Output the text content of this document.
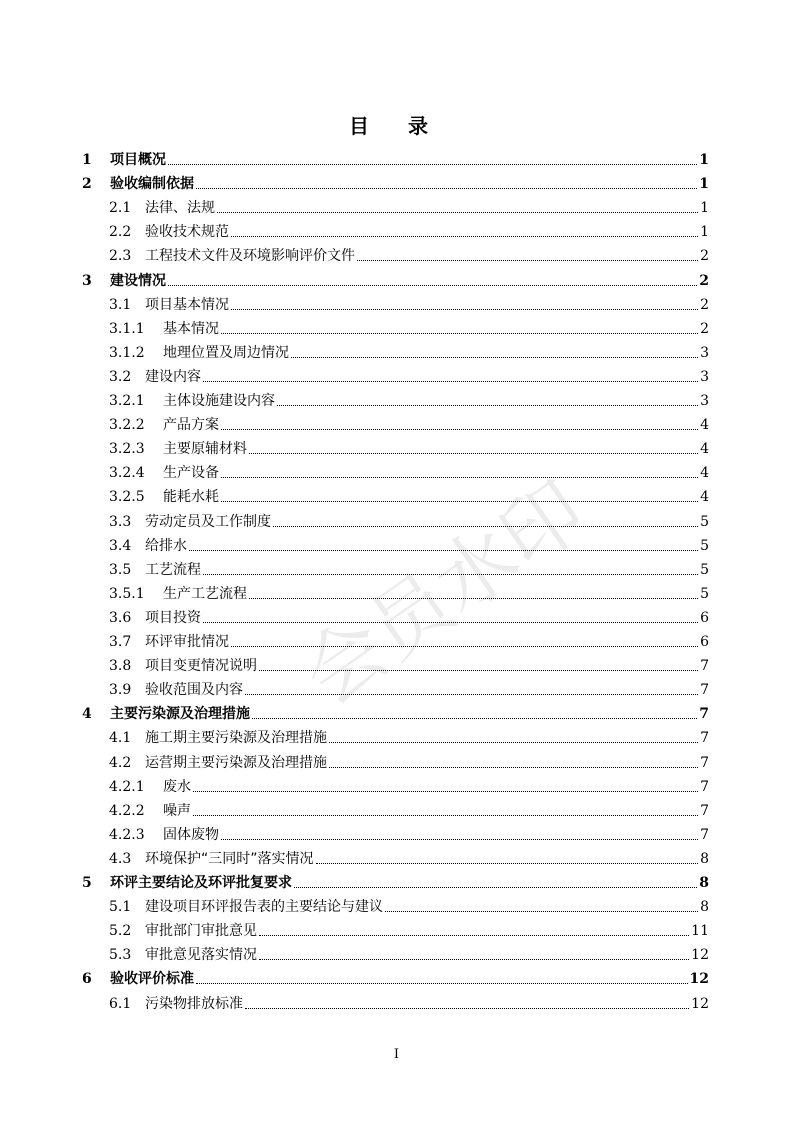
会员水印
目 录
1	项目概况	1
2	验收编制依据	1
2.1 法律、法规	1
2.2 验收技术规范	1
2.3 工程技术文件及环境影响评价文件	2
3	建设情况	2
3.1 项目基本情况	2
3.1.1	基本情况	2
3.1.2	地理位置及周边情况	3
3.2 建设内容	3
3.2.1	主体设施建设内容	3
3.2.2	产品方案	4
3.2.3	主要原辅材料	4
3.2.4	生产设备	4
3.2.5	能耗水耗	4
3.3 劳动定员及工作制度	5
3.4 给排水	5
3.5 工艺流程	5
3.5.1	生产工艺流程	5
3.6 项目投资	6
3.7 环评审批情况	6
3.8 项目变更情况说明	7
3.9 验收范围及内容	7
4	主要污染源及治理措施	7
4.1 施工期主要污染源及治理措施	7
4.2 运营期主要污染源及治理措施	7
4.2.1	废水	7
4.2.2	噪声	7
4.2.3	固体废物	7
4.3 环境保护“三同时”落实情况	8
5	环评主要结论及环评批复要求	8
5.1 建设项目环评报告表的主要结论与建议	8
5.2 审批部门审批意见	11
5.3 审批意见落实情况	12
6	验收评价标准	12
6.1 污染物排放标准	12
I
